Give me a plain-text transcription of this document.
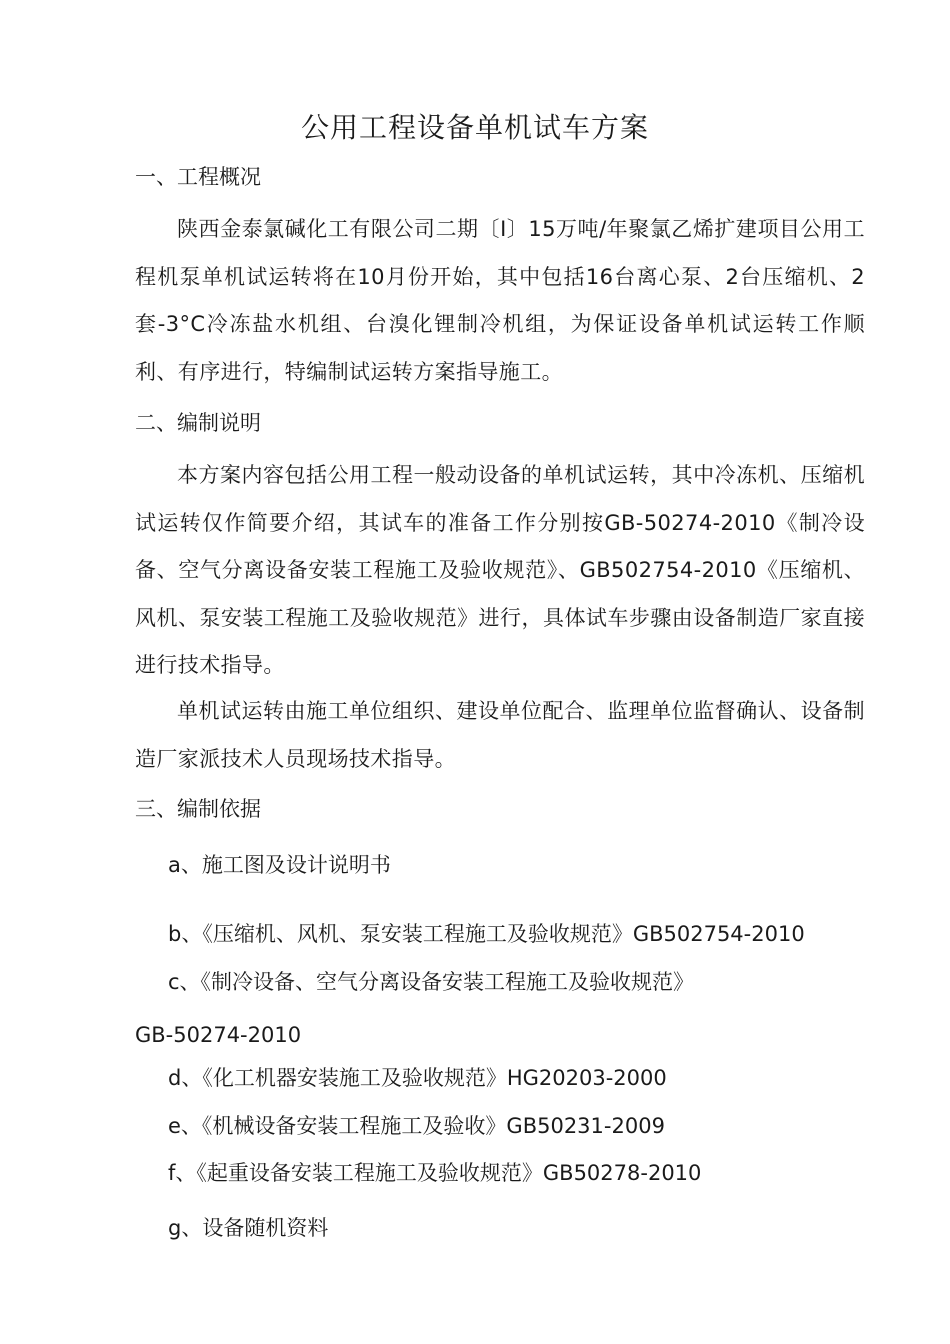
公用工程设备单机试车方案
一、工程概况
陕西金泰氯碱化工有限公司二期〔I〕15万吨/年聚氯乙烯扩建项目公用工程机泵单机试运转将在10月份开始，其中包括16台离心泵、2台压缩机、2套-3°C冷冻盐水机组、台溴化锂制冷机组，为保证设备单机试运转工作顺利、有序进行，特编制试运转方案指导施工。
二、编制说明
本方案内容包括公用工程一般动设备的单机试运转，其中冷冻机、压缩机试运转仅作简要介绍，其试车的准备工作分别按GB-50274-2010《制冷设备、空气分离设备安装工程施工及验收规范》、GB502754-2010《压缩机、风机、泵安装工程施工及验收规范》进行，具体试车步骤由设备制造厂家直接进行技术指导。
单机试运转由施工单位组织、建设单位配合、监理单位监督确认、设备制造厂家派技术人员现场技术指导。
三、编制依据
a、施工图及设计说明书
b、《压缩机、风机、泵安装工程施工及验收规范》GB502754-2010
c、《制冷设备、空气分离设备安装工程施工及验收规范》
GB-50274-2010
d、《化工机器安装施工及验收规范》HG20203-2000
e、《机械设备安装工程施工及验收》GB50231-2009
f、《起重设备安装工程施工及验收规范》GB50278-2010
g、设备随机资料
